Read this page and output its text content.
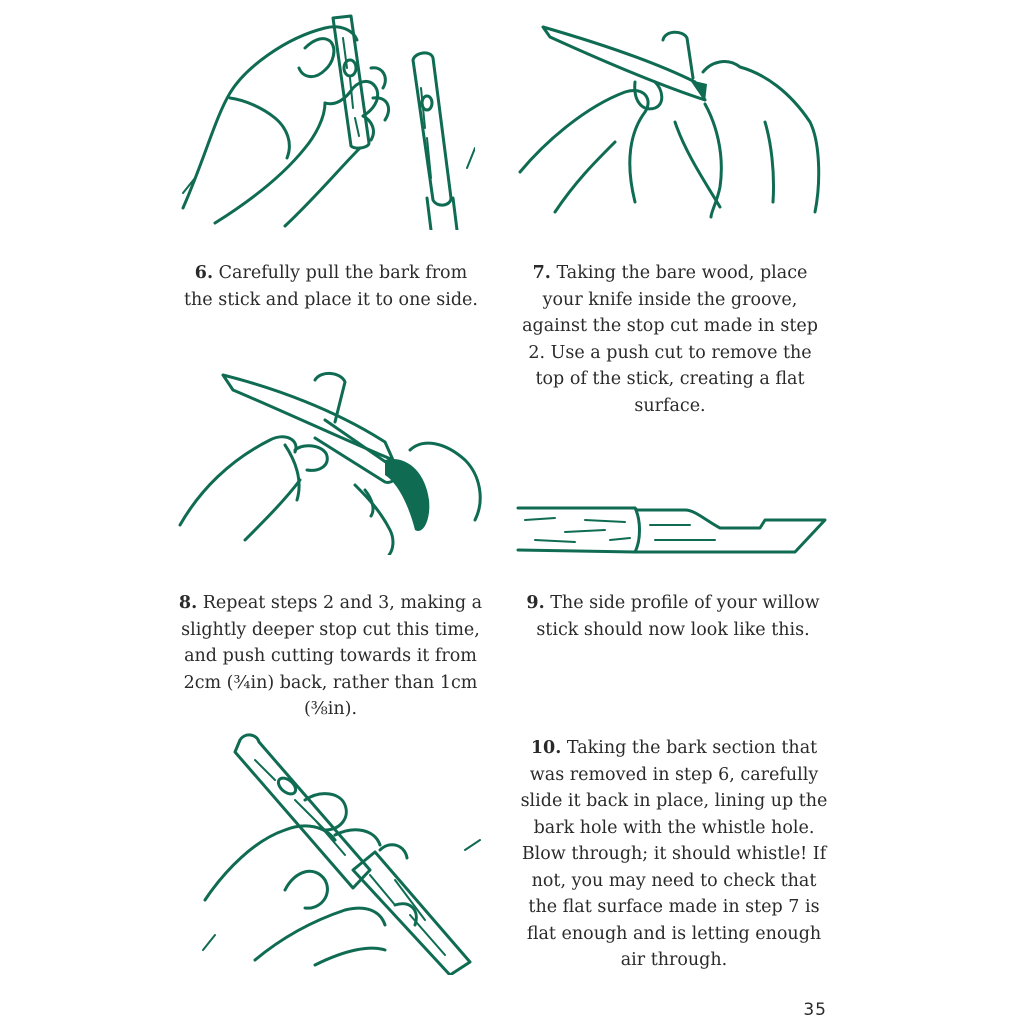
6. Carefully pull the bark from the stick and place it to one side.

7. Taking the bare wood, place your knife inside the groove, against the stop cut made in step 2. Use a push cut to remove the top of the stick, creating a flat surface.

8. Repeat steps 2 and 3, making a slightly deeper stop cut this time, and push cutting towards it from 2cm (¾in) back, rather than 1cm (⅜in).

9. The side profile of your willow stick should now look like this.

10. Taking the bark section that was removed in step 6, carefully slide it back in place, lining up the bark hole with the whistle hole. Blow through; it should whistle! If not, you may need to check that the flat surface made in step 7 is flat enough and is letting enough air through.

35
